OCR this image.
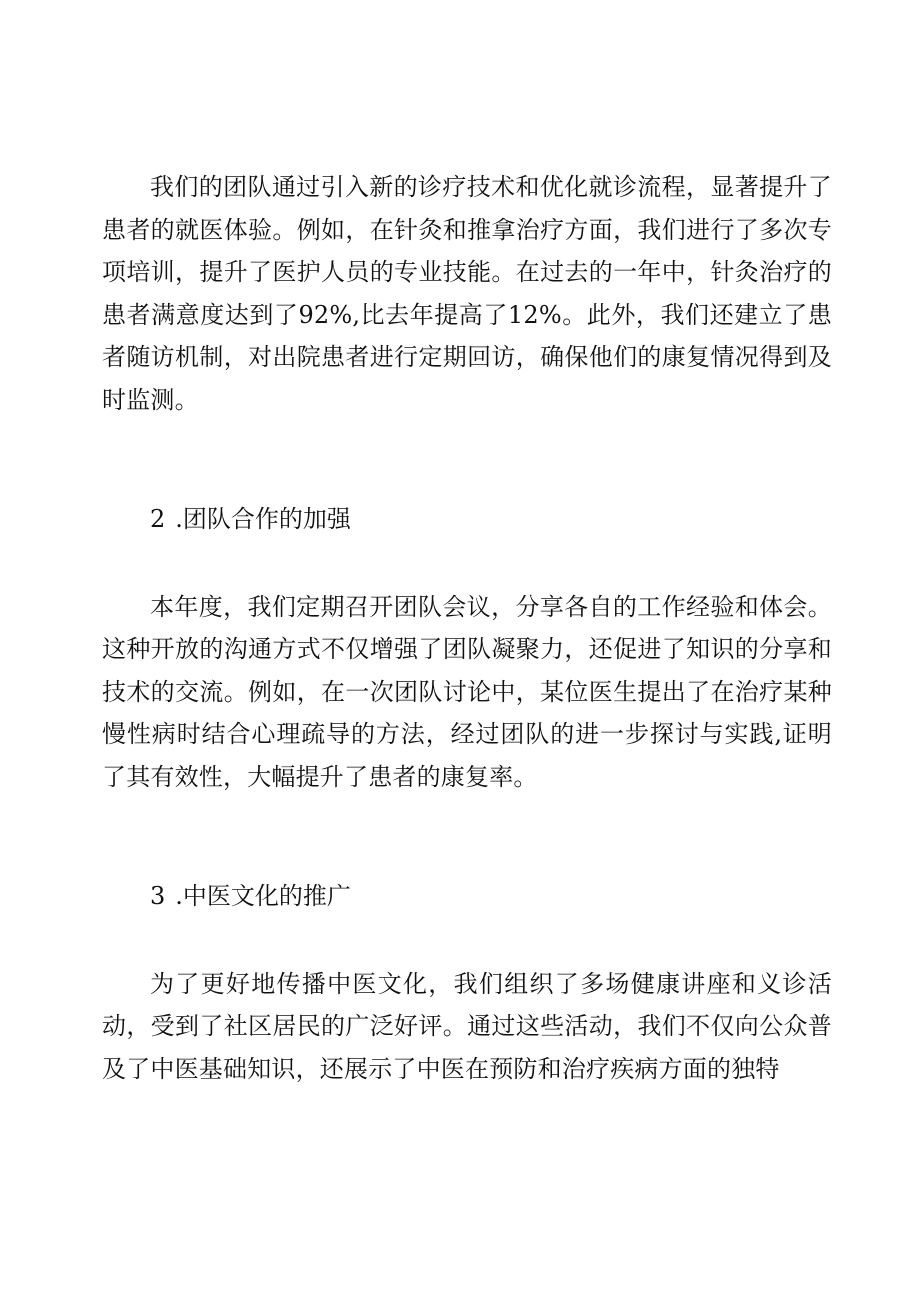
我们的团队通过引入新的诊疗技术和优化就诊流程，显著提升了患者的就医体验。例如，在针灸和推拿治疗方面，我们进行了多次专项培训，提升了医护人员的专业技能。在过去的一年中，针灸治疗的患者满意度达到了92%,比去年提高了12%。此外，我们还建立了患者随访机制，对出院患者进行定期回访，确保他们的康复情况得到及时监测。

2 .团队合作的加强

本年度，我们定期召开团队会议，分享各自的工作经验和体会。这种开放的沟通方式不仅增强了团队凝聚力，还促进了知识的分享和技术的交流。例如，在一次团队讨论中，某位医生提出了在治疗某种慢性病时结合心理疏导的方法，经过团队的进一步探讨与实践,证明了其有效性，大幅提升了患者的康复率。

3 .中医文化的推广

为了更好地传播中医文化，我们组织了多场健康讲座和义诊活动，受到了社区居民的广泛好评。通过这些活动，我们不仅向公众普及了中医基础知识，还展示了中医在预防和治疗疾病方面的独特
